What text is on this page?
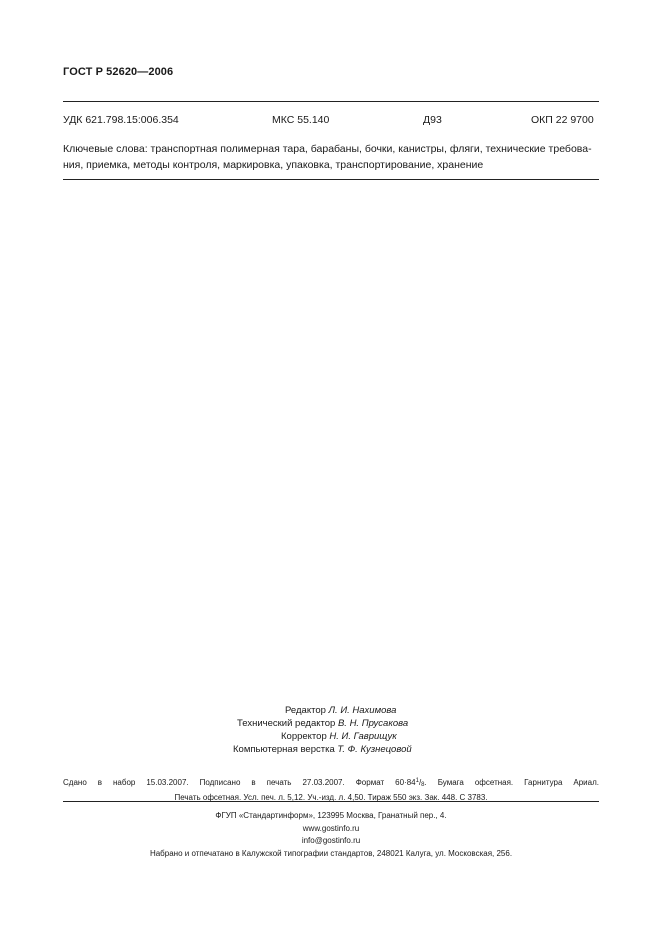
ГОСТ Р 52620—2006
УДК 621.798.15:006.354	МКС 55.140	Д93	ОКП 22 9700
Ключевые слова: транспортная полимерная тара, барабаны, бочки, канистры, фляги, технические требова-
ния, приемка, методы контроля, маркировка, упаковка, транспортирование, хранение
Редактор Л. И. Нахимова
Технический редактор В. Н. Прусакова
Корректор Н. И. Гаврищук
Компьютерная верстка Т. Ф. Кузнецовой
Сдано в набор 15.03.2007. Подписано в печать 27.03.2007. Формат $60\cdot 84^1/8$. Бумага офсетная. Гарнитура Ариал.
Печать офсетная. Усл. печ. л. 5,12. Уч.-изд. л. 4,50. Тираж 550 экз. Зак. 448. С 3783.
ФГУП «Стандартинформ», 123995 Москва, Гранатный пер., 4.
www.gostinfo.ru
info@gostinfo.ru
Набрано и отпечатано в Калужской типографии стандартов, 248021 Калуга, ул. Московская, 256.
